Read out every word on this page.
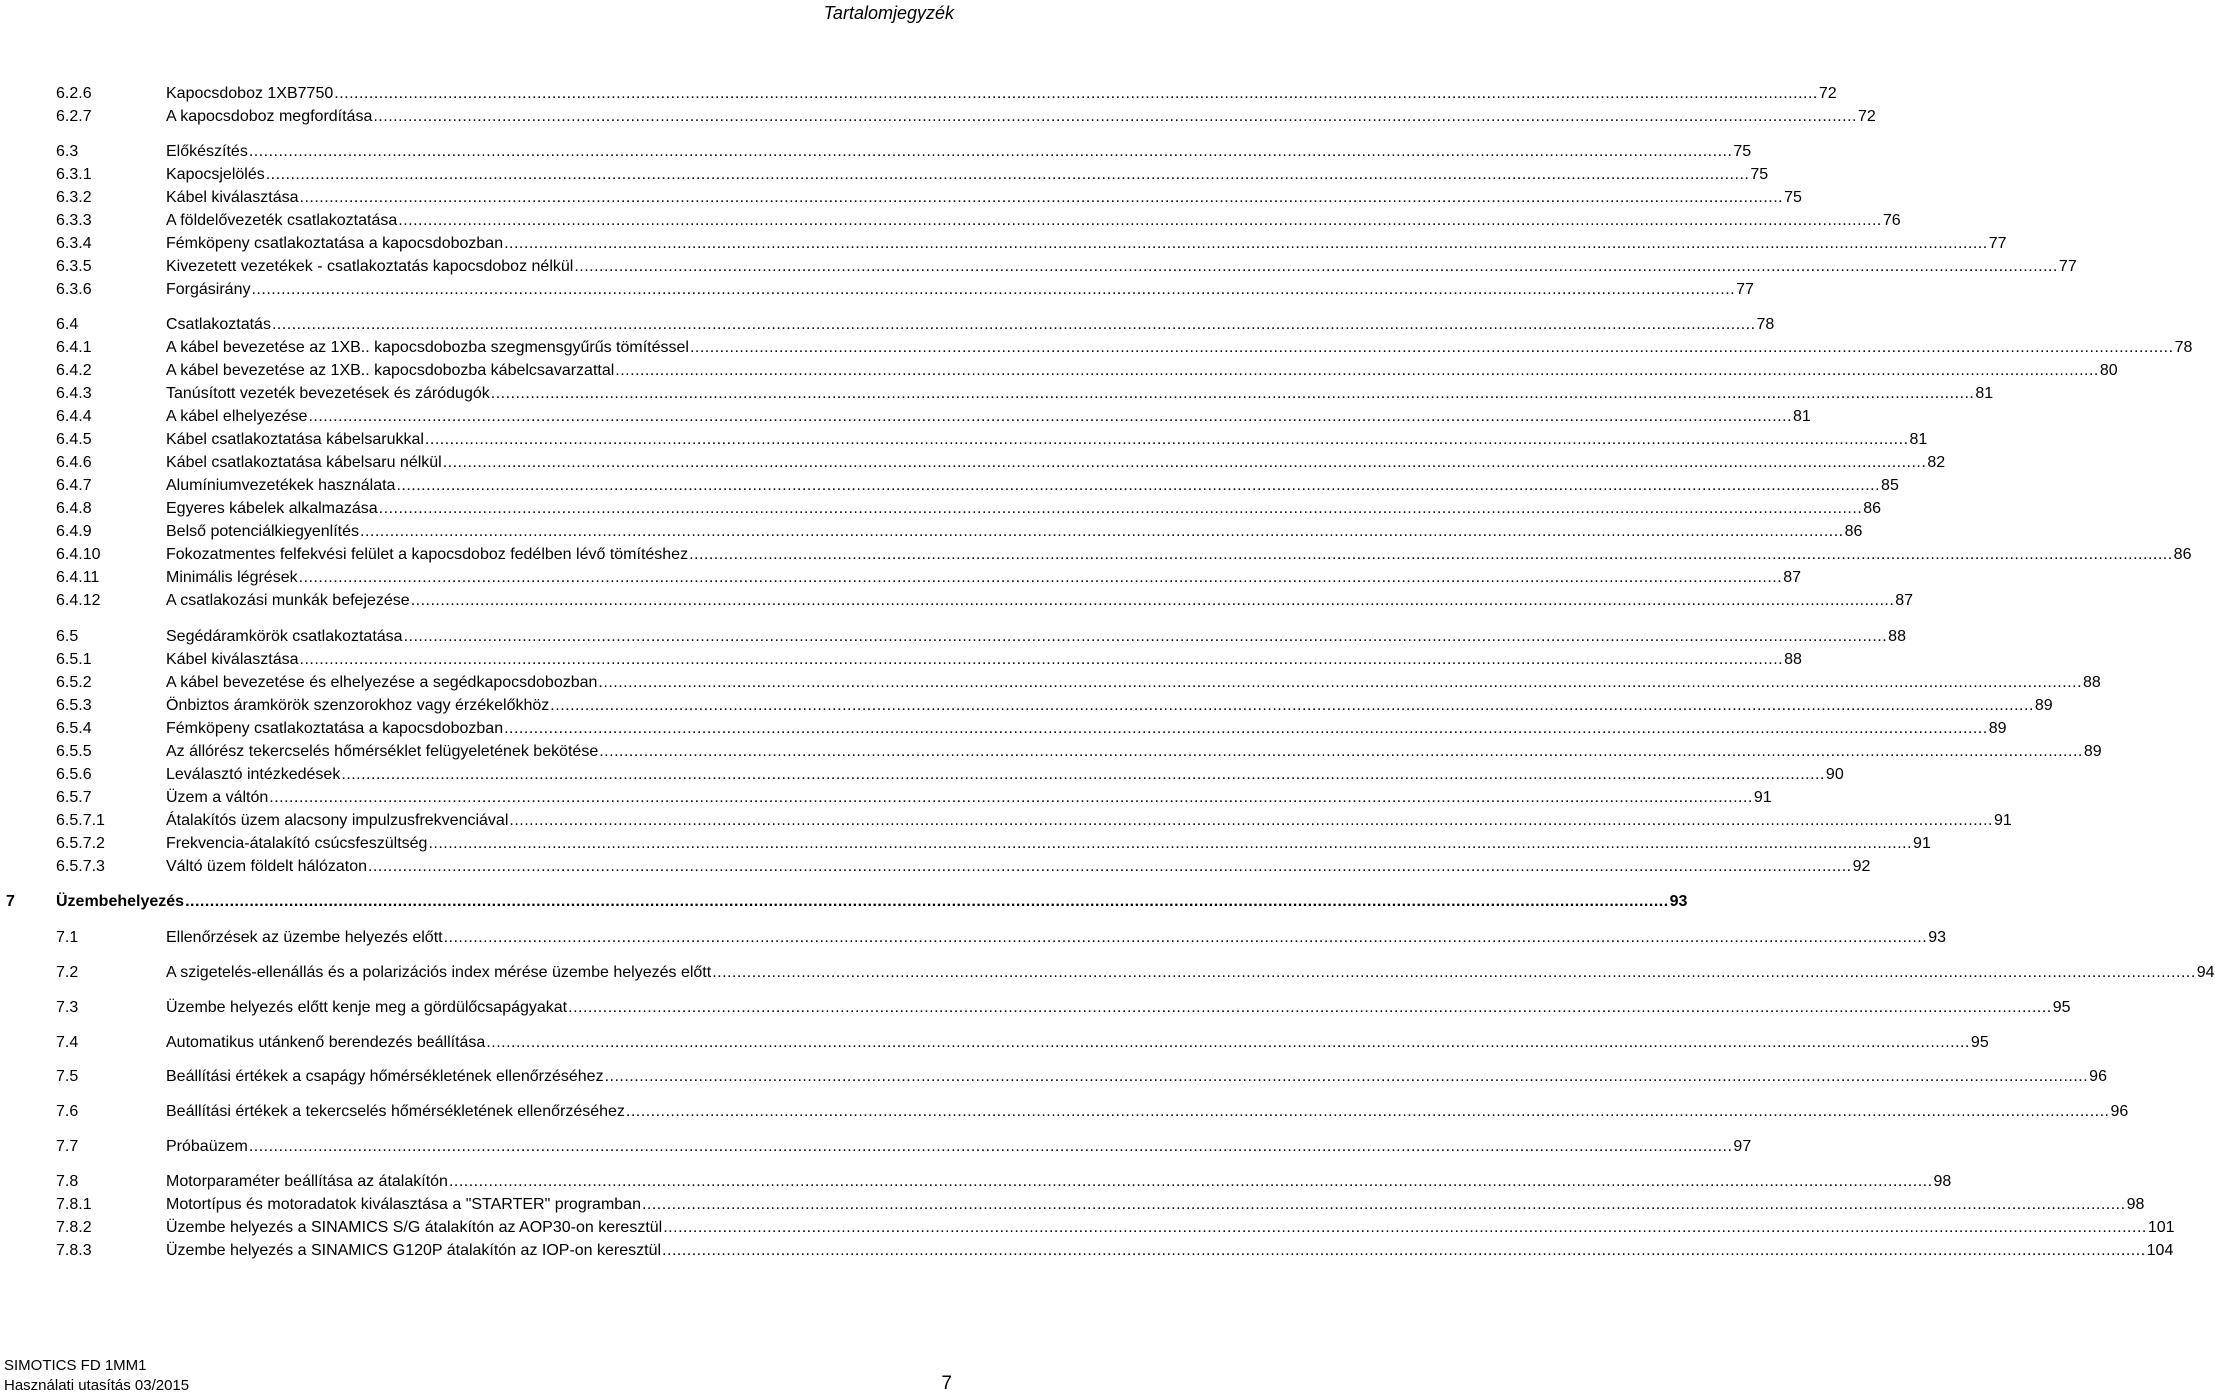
Tartalomjegyzék
6.2.6	Kapocsdoboz 1XB7750 ............................................................................................................................................................................................................................................................................................................ 72
6.2.7	A kapocsdoboz megfordítása ............................................................................................................................................................................................................................................................................................................ 72
6.3	Előkészítés ............................................................................................................................................................................................................................................................................................................ 75
6.3.1	Kapocsjelölés ............................................................................................................................................................................................................................................................................................................ 75
6.3.2	Kábel kiválasztása ............................................................................................................................................................................................................................................................................................................ 75
6.3.3	A földelővezeték csatlakoztatása ............................................................................................................................................................................................................................................................................................................ 76
6.3.4	Fémköpeny csatlakoztatása a kapocsdobozban ............................................................................................................................................................................................................................................................................................................ 77
6.3.5	Kivezetett vezetékek - csatlakoztatás kapocsdoboz nélkül ............................................................................................................................................................................................................................................................................................................ 77
6.3.6	Forgásirány ............................................................................................................................................................................................................................................................................................................ 77
6.4	Csatlakoztatás ............................................................................................................................................................................................................................................................................................................ 78
6.4.1	A kábel bevezetése az 1XB.. kapocsdobozba szegmensgyűrűs tömítéssel ............................................................................................................................................................................................................................................................................................................ 78
6.4.2	A kábel bevezetése az 1XB.. kapocsdobozba kábelcsavarzattal ............................................................................................................................................................................................................................................................................................................ 80
6.4.3	Tanúsított vezeték bevezetések és záródugók ............................................................................................................................................................................................................................................................................................................ 81
6.4.4	A kábel elhelyezése ............................................................................................................................................................................................................................................................................................................ 81
6.4.5	Kábel csatlakoztatása kábelsarukkal ............................................................................................................................................................................................................................................................................................................ 81
6.4.6	Kábel csatlakoztatása kábelsaru nélkül ............................................................................................................................................................................................................................................................................................................ 82
6.4.7	Alumíniumvezetékek használata ............................................................................................................................................................................................................................................................................................................ 85
6.4.8	Egyeres kábelek alkalmazása ............................................................................................................................................................................................................................................................................................................ 86
6.4.9	Belső potenciálkiegyenlítés ............................................................................................................................................................................................................................................................................................................ 86
6.4.10	Fokozatmentes felfekvési felület a kapocsdoboz fedélben lévő tömítéshez ............................................................................................................................................................................................................................................................................................................ 86
6.4.11	Minimális légrések ............................................................................................................................................................................................................................................................................................................ 87
6.4.12	A csatlakozási munkák befejezése ............................................................................................................................................................................................................................................................................................................ 87
6.5	Segédáramkörök csatlakoztatása ............................................................................................................................................................................................................................................................................................................ 88
6.5.1	Kábel kiválasztása ............................................................................................................................................................................................................................................................................................................ 88
6.5.2	A kábel bevezetése és elhelyezése a segédkapocsdobozban ............................................................................................................................................................................................................................................................................................................ 88
6.5.3	Önbiztos áramkörök szenzorokhoz vagy érzékelőkhöz ............................................................................................................................................................................................................................................................................................................ 89
6.5.4	Fémköpeny csatlakoztatása a kapocsdobozban ............................................................................................................................................................................................................................................................................................................ 89
6.5.5	Az állórész tekercselés hőmérséklet felügyeletének bekötése ............................................................................................................................................................................................................................................................................................................ 89
6.5.6	Leválasztó intézkedések ............................................................................................................................................................................................................................................................................................................ 90
6.5.7	Üzem a váltón ............................................................................................................................................................................................................................................................................................................ 91
6.5.7.1	Átalakítós üzem alacsony impulzusfrekvenciával ............................................................................................................................................................................................................................................................................................................ 91
6.5.7.2	Frekvencia-átalakító csúcsfeszültség ............................................................................................................................................................................................................................................................................................................ 91
6.5.7.3	Váltó üzem földelt hálózaton ............................................................................................................................................................................................................................................................................................................ 92
7	Üzembehelyezés ............................................................................................................................................................................................................................................................................................................ 93
7.1	Ellenőrzések az üzembe helyezés előtt ............................................................................................................................................................................................................................................................................................................ 93
7.2	A szigetelés-ellenállás és a polarizációs index mérése üzembe helyezés előtt ............................................................................................................................................................................................................................................................................................................ 94
7.3	Üzembe helyezés előtt kenje meg a gördülőcsapágyakat ............................................................................................................................................................................................................................................................................................................ 95
7.4	Automatikus utánkenő berendezés beállítása ............................................................................................................................................................................................................................................................................................................ 95
7.5	Beállítási értékek a csapágy hőmérsékletének ellenőrzéséhez ............................................................................................................................................................................................................................................................................................................ 96
7.6	Beállítási értékek a tekercselés hőmérsékletének ellenőrzéséhez ............................................................................................................................................................................................................................................................................................................ 96
7.7	Próbaüzem ............................................................................................................................................................................................................................................................................................................ 97
7.8	Motorparaméter beállítása az átalakítón ............................................................................................................................................................................................................................................................................................................ 98
7.8.1	Motortípus és motoradatok kiválasztása a "STARTER" programban ............................................................................................................................................................................................................................................................................................................ 98
7.8.2	Üzembe helyezés a SINAMICS S/G átalakítón az AOP30-on keresztül ............................................................................................................................................................................................................................................................................................................ 101
7.8.3	Üzembe helyezés a SINAMICS G120P átalakítón az IOP-on keresztül ............................................................................................................................................................................................................................................................................................................ 104
SIMOTICS FD 1MM1
Használati utasítás 03/2015	7
